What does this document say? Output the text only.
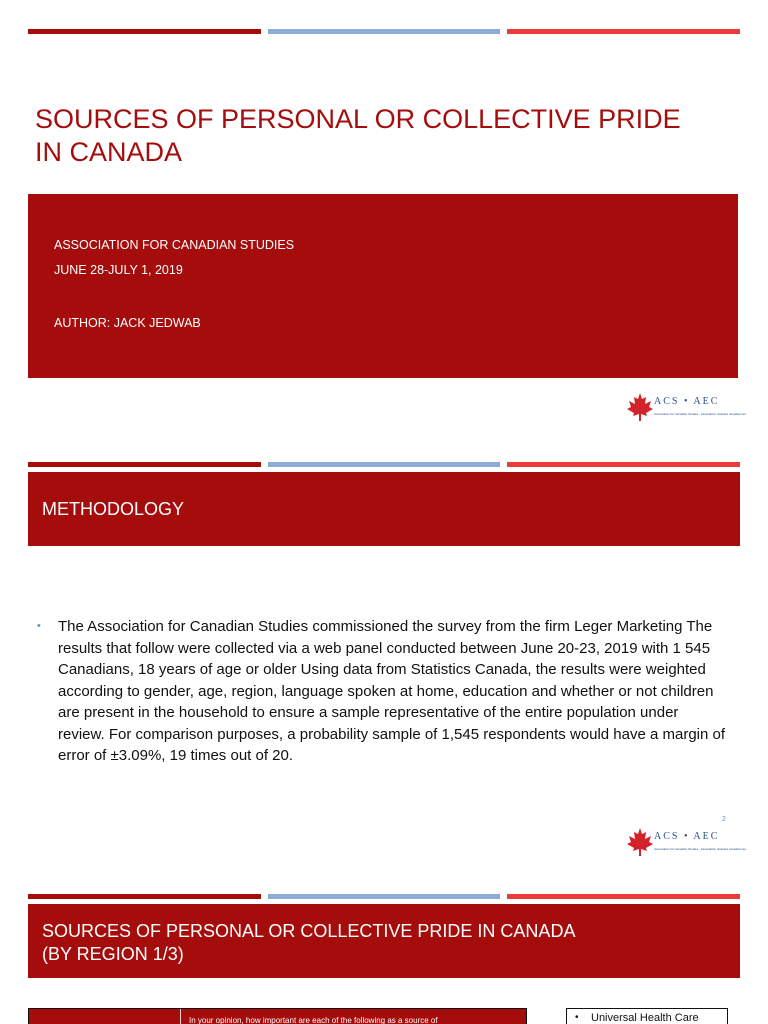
SOURCES OF PERSONAL OR COLLECTIVE PRIDE IN CANADA
ASSOCIATION FOR CANADIAN STUDIES
JUNE 28-JULY 1, 2019
AUTHOR: JACK JEDWAB
ACS • AEC
Association for Canadian Studies · Association d'études canadiennes
METHODOLOGY
• The Association for Canadian Studies commissioned the survey from the firm Leger Marketing The results that follow were collected via a web panel conducted between June 20-23, 2019 with 1 545 Canadians, 18 years of age or older Using data from Statistics Canada, the results were weighted according to gender, age, region, language spoken at home, education and whether or not children are present in the household to ensure a sample representative of the entire population under review. For comparison purposes, a probability sample of 1,545 respondents would have a margin of error of ±3.09%, 19 times out of 20.
2
ACS • AEC
Association for Canadian Studies · Association d'études canadiennes
SOURCES OF PERSONAL OR COLLECTIVE PRIDE IN CANADA
(BY REGION 1/3)
In your opinion, how important are each of the following as a source of	• Universal Health Care
